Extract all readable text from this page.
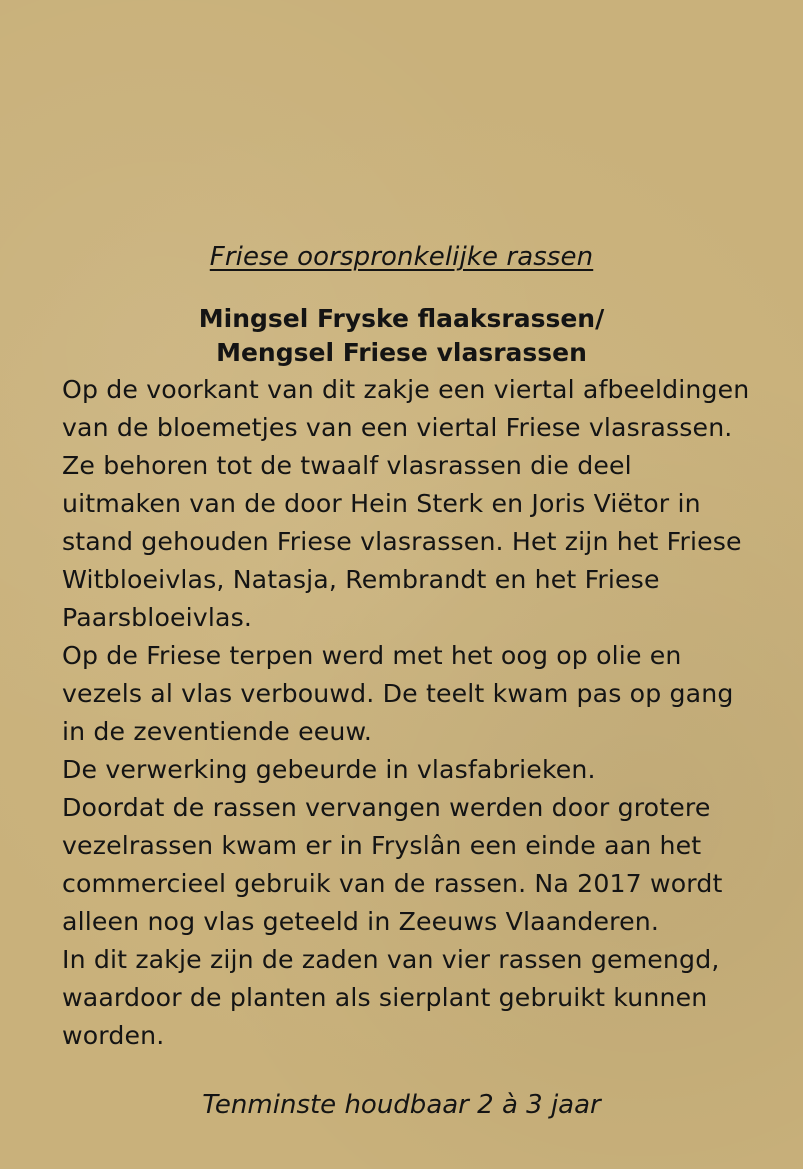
Friese oorspronkelijke rassen
Mingsel Fryske flaaksrassen/
Mengsel Friese vlasrassen

Op de voorkant van dit zakje een viertal afbeeldingen
van de bloemetjes van een viertal Friese vlasrassen.
Ze behoren tot de twaalf vlasrassen die deel
uitmaken van de door Hein Sterk en Joris Viëtor in
stand gehouden Friese vlasrassen. Het zijn het Friese
Witbloeivlas, Natasja, Rembrandt en het Friese
Paarsbloeivlas.

Op de Friese terpen werd met het oog op olie en
vezels al vlas verbouwd. De teelt kwam pas op gang
in de zeventiende eeuw.

De verwerking gebeurde in vlasfabrieken.

Doordat de rassen vervangen werden door grotere
vezelrassen kwam er in Fryslân een einde aan het
commercieel gebruik van de rassen. Na 2017 wordt
alleen nog vlas geteeld in Zeeuws Vlaanderen.

In dit zakje zijn de zaden van vier rassen gemengd,
waardoor de planten als sierplant gebruikt kunnen
worden.

Tenminste houdbaar 2 à 3 jaar
